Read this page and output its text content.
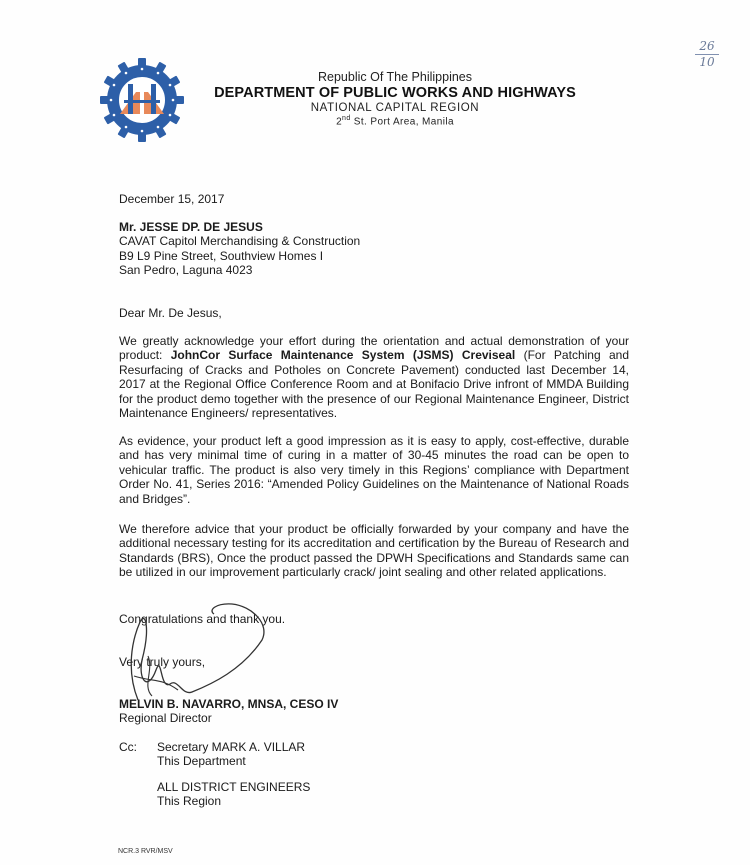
Republic Of The Philippines
DEPARTMENT OF PUBLIC WORKS AND HIGHWAYS
NATIONAL CAPITAL REGION
2nd St. Port Area, Manila
26
10
December 15, 2017
Mr. JESSE DP. DE JESUS
CAVAT Capitol Merchandising & Construction
B9 L9 Pine Street, Southview Homes I
San Pedro, Laguna 4023
Dear Mr. De Jesus,
We greatly acknowledge your effort during the orientation and actual demonstration of your product: JohnCor Surface Maintenance System (JSMS) Creviseal (For Patching and Resurfacing of Cracks and Potholes on Concrete Pavement) conducted last December 14, 2017 at the Regional Office Conference Room and at Bonifacio Drive infront of MMDA Building for the product demo together with the presence of our Regional Maintenance Engineer, District Maintenance Engineers/ representatives.
As evidence, your product left a good impression as it is easy to apply, cost-effective, durable and has very minimal time of curing in a matter of 30-45 minutes the road can be open to vehicular traffic. The product is also very timely in this Regions’ compliance with Department Order No. 41, Series 2016: “Amended Policy Guidelines on the Maintenance of National Roads and Bridges”.
We therefore advice that your product be officially forwarded by your company and have the additional necessary testing for its accreditation and certification by the Bureau of Research and Standards (BRS), Once the product passed the DPWH Specifications and Standards same can be utilized in our improvement particularly crack/ joint sealing and other related applications.
Congratulations and thank you.
Very truly yours,
MELVIN B. NAVARRO, MNSA, CESO IV
Regional Director
Cc: Secretary MARK A. VILLAR
This Department
ALL DISTRICT ENGINEERS
This Region
NCR.3 RVR/MSV
